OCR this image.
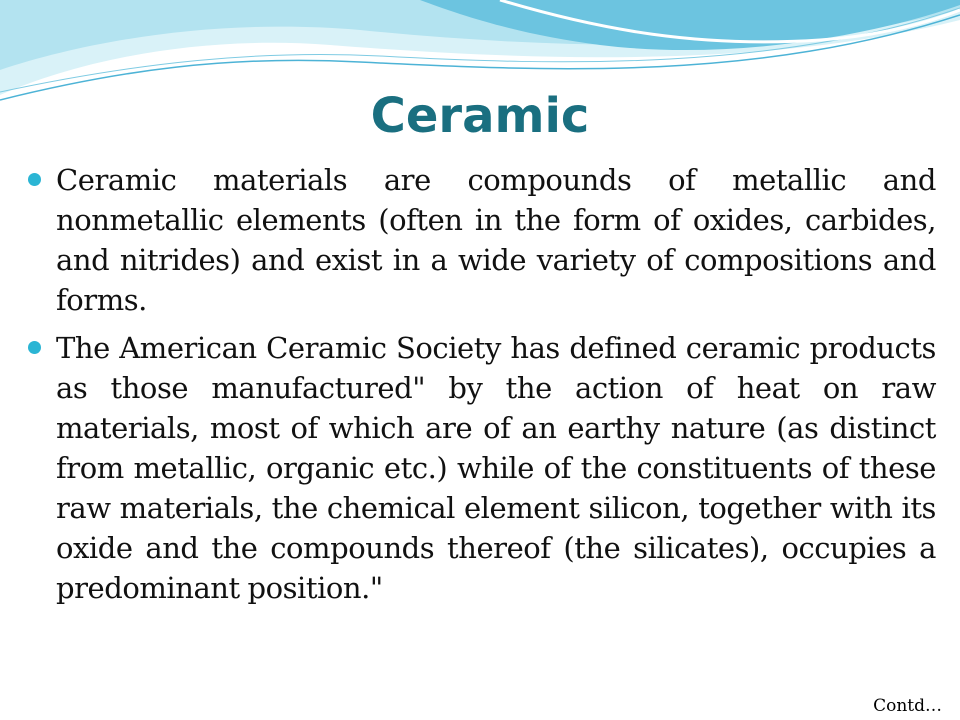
Ceramic
Ceramic materials are compounds of metallic and nonmetallic elements (often in the form of oxides, carbides, and nitrides) and exist in a wide variety of compositions and forms.
The American Ceramic Society has defined ceramic products as those manufactured" by the action of heat on raw materials, most of which are of an earthy nature (as distinct from metallic, organic etc.) while of the constituents of these raw materials, the chemical element silicon, together with its oxide and the compounds thereof (the silicates), occupies a predominant position."
Contd…
